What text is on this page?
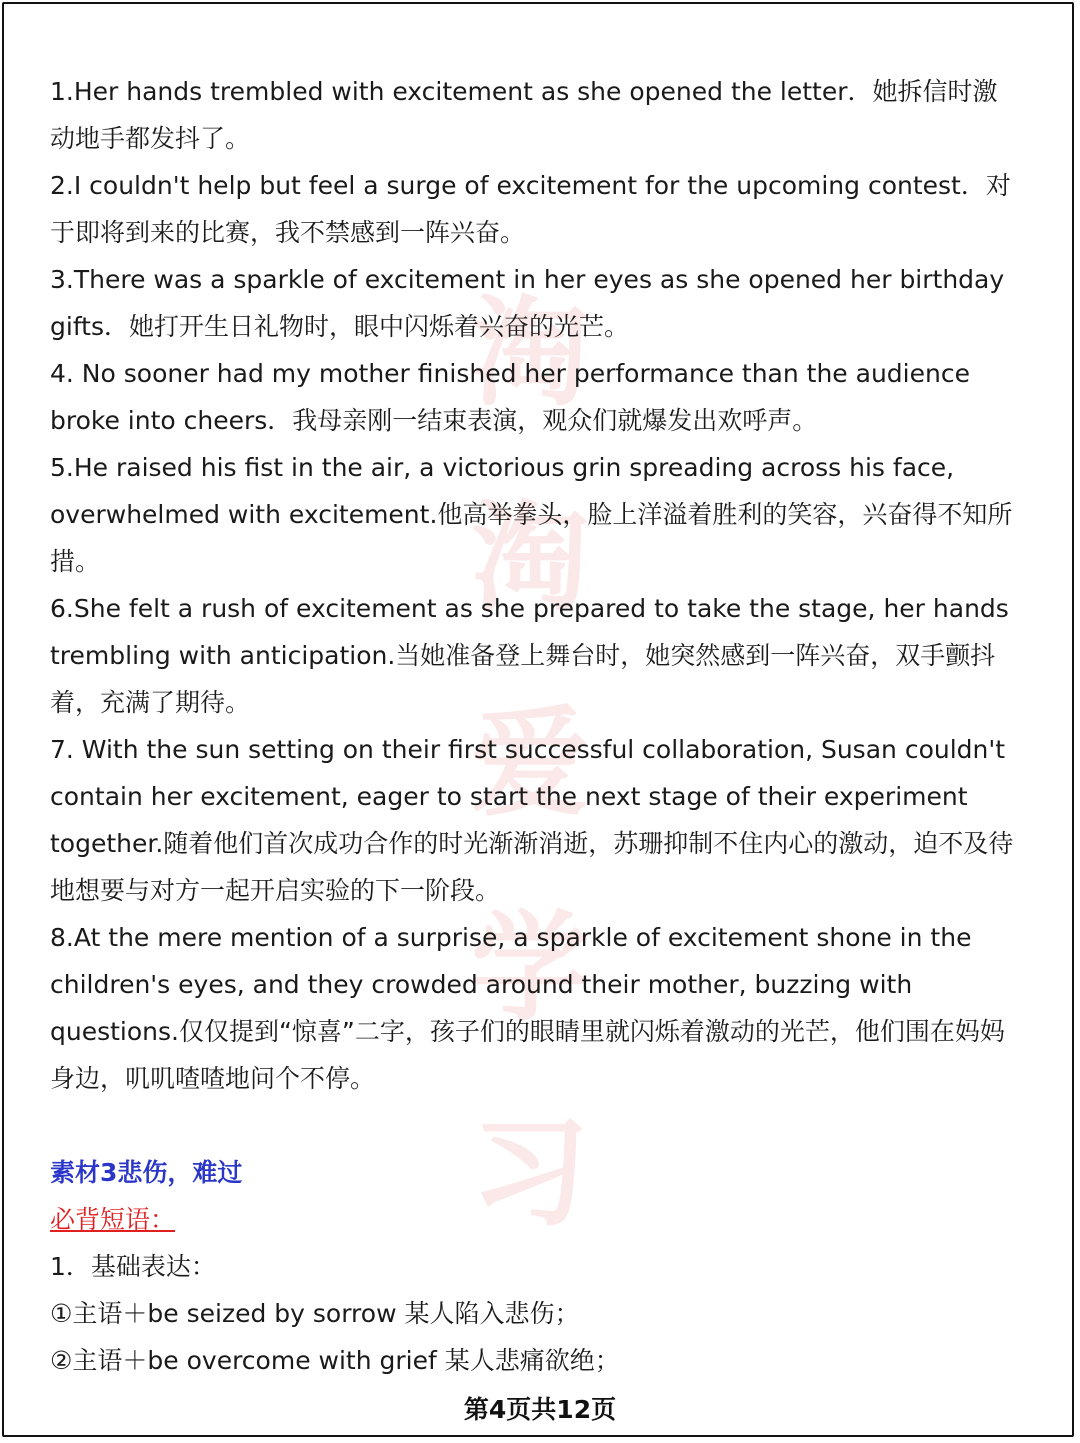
淘
淘
爱
学
习

1.Her hands trembled with excitement as she opened the letter．她拆信时激动地手都发抖了。

2.I couldn't help but feel a surge of excitement for the upcoming contest．对于即将到来的比赛，我不禁感到一阵兴奋。

3.There was a sparkle of excitement in her eyes as she opened her birthday gifts．她打开生日礼物时，眼中闪烁着兴奋的光芒。

4. No sooner had my mother finished her performance than the audience broke into cheers．我母亲刚一结束表演，观众们就爆发出欢呼声。

5.He raised his fist in the air, a victorious grin spreading across his face, overwhelmed with excitement.他高举拳头，脸上洋溢着胜利的笑容，兴奋得不知所措。

6.She felt a rush of excitement as she prepared to take the stage, her hands trembling with anticipation.当她准备登上舞台时，她突然感到一阵兴奋，双手颤抖着，充满了期待。

7. With the sun setting on their first successful collaboration, Susan couldn't contain her excitement, eager to start the next stage of their experiment together.随着他们首次成功合作的时光渐渐消逝，苏珊抑制不住内心的激动，迫不及待地想要与对方一起开启实验的下一阶段。

8.At the mere mention of a surprise, a sparkle of excitement shone in the children's eyes, and they crowded around their mother, buzzing with questions.仅仅提到“惊喜”二字，孩子们的眼睛里就闪烁着激动的光芒，他们围在妈妈身边，叽叽喳喳地问个不停。

素材3悲伤，难过

必背短语：

1．基础表达：

①主语＋be seized by sorrow 某人陷入悲伤；

②主语＋be overcome with grief 某人悲痛欲绝；

第4页共12页
